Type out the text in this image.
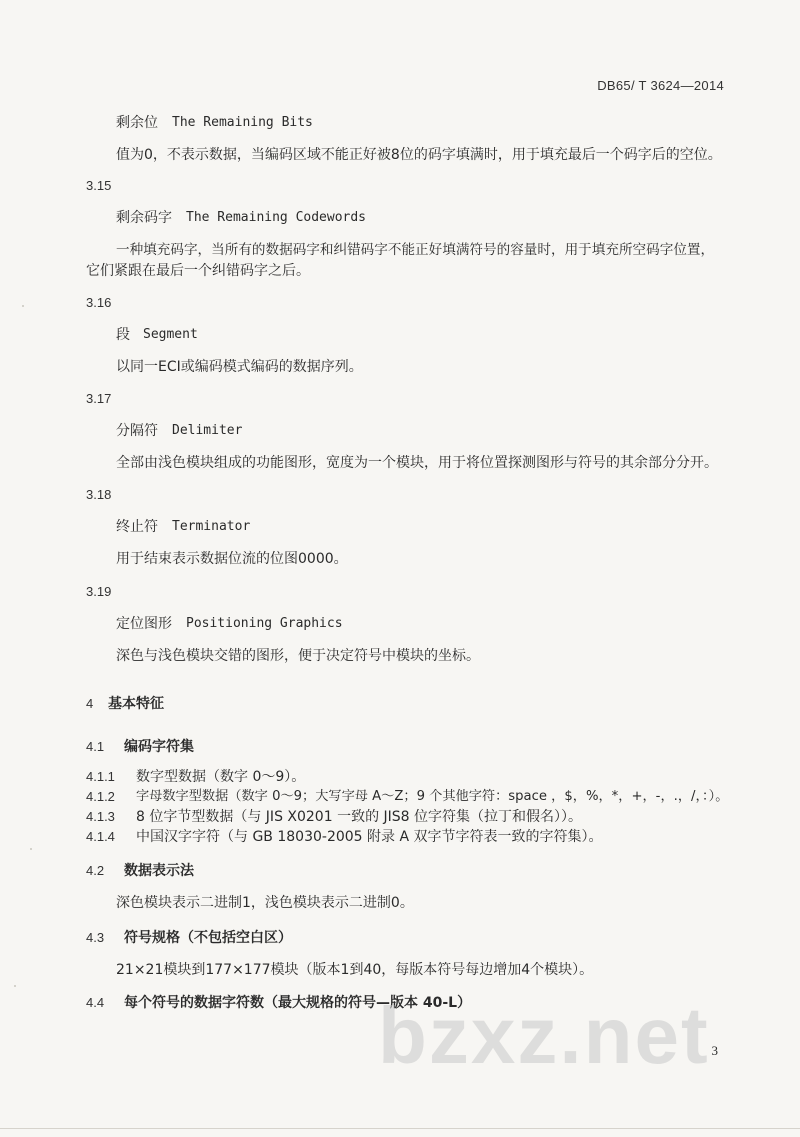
DB65/ T 3624—2014
剩余位 The Remaining Bits
值为0，不表示数据，当编码区域不能正好被8位的码字填满时，用于填充最后一个码字后的空位。
3.15
剩余码字 The Remaining Codewords
一种填充码字，当所有的数据码字和纠错码字不能正好填满符号的容量时，用于填充所空码字位置，
它们紧跟在最后一个纠错码字之后。
3.16
段 Segment
以同一ECI或编码模式编码的数据序列。
3.17
分隔符 Delimiter
全部由浅色模块组成的功能图形，宽度为一个模块，用于将位置探测图形与符号的其余部分分开。
3.18
终止符 Terminator
用于结束表示数据位流的位图0000。
3.19
定位图形 Positioning Graphics
深色与浅色模块交错的图形，便于决定符号中模块的坐标。
4 基本特征
4.1 编码字符集
4.1.1 数字型数据（数字 0～9）。
4.1.2 字母数字型数据（数字 0～9；大写字母 A～Z；9 个其他字符：space ，$，%，*，+，-，.，/，：）。
4.1.3 8 位字节型数据（与 JIS X0201 一致的 JIS8 位字符集（拉丁和假名））。
4.1.4 中国汉字字符（与 GB 18030-2005 附录 A 双字节字符表一致的字符集）。
4.2 数据表示法
深色模块表示二进制1，浅色模块表示二进制0。
4.3 符号规格（不包括空白区）
21×21模块到177×177模块（版本1到40，每版本符号每边增加4个模块）。
4.4 每个符号的数据字符数（最大规格的符号—版本 40-L）
bzxz.net 3
